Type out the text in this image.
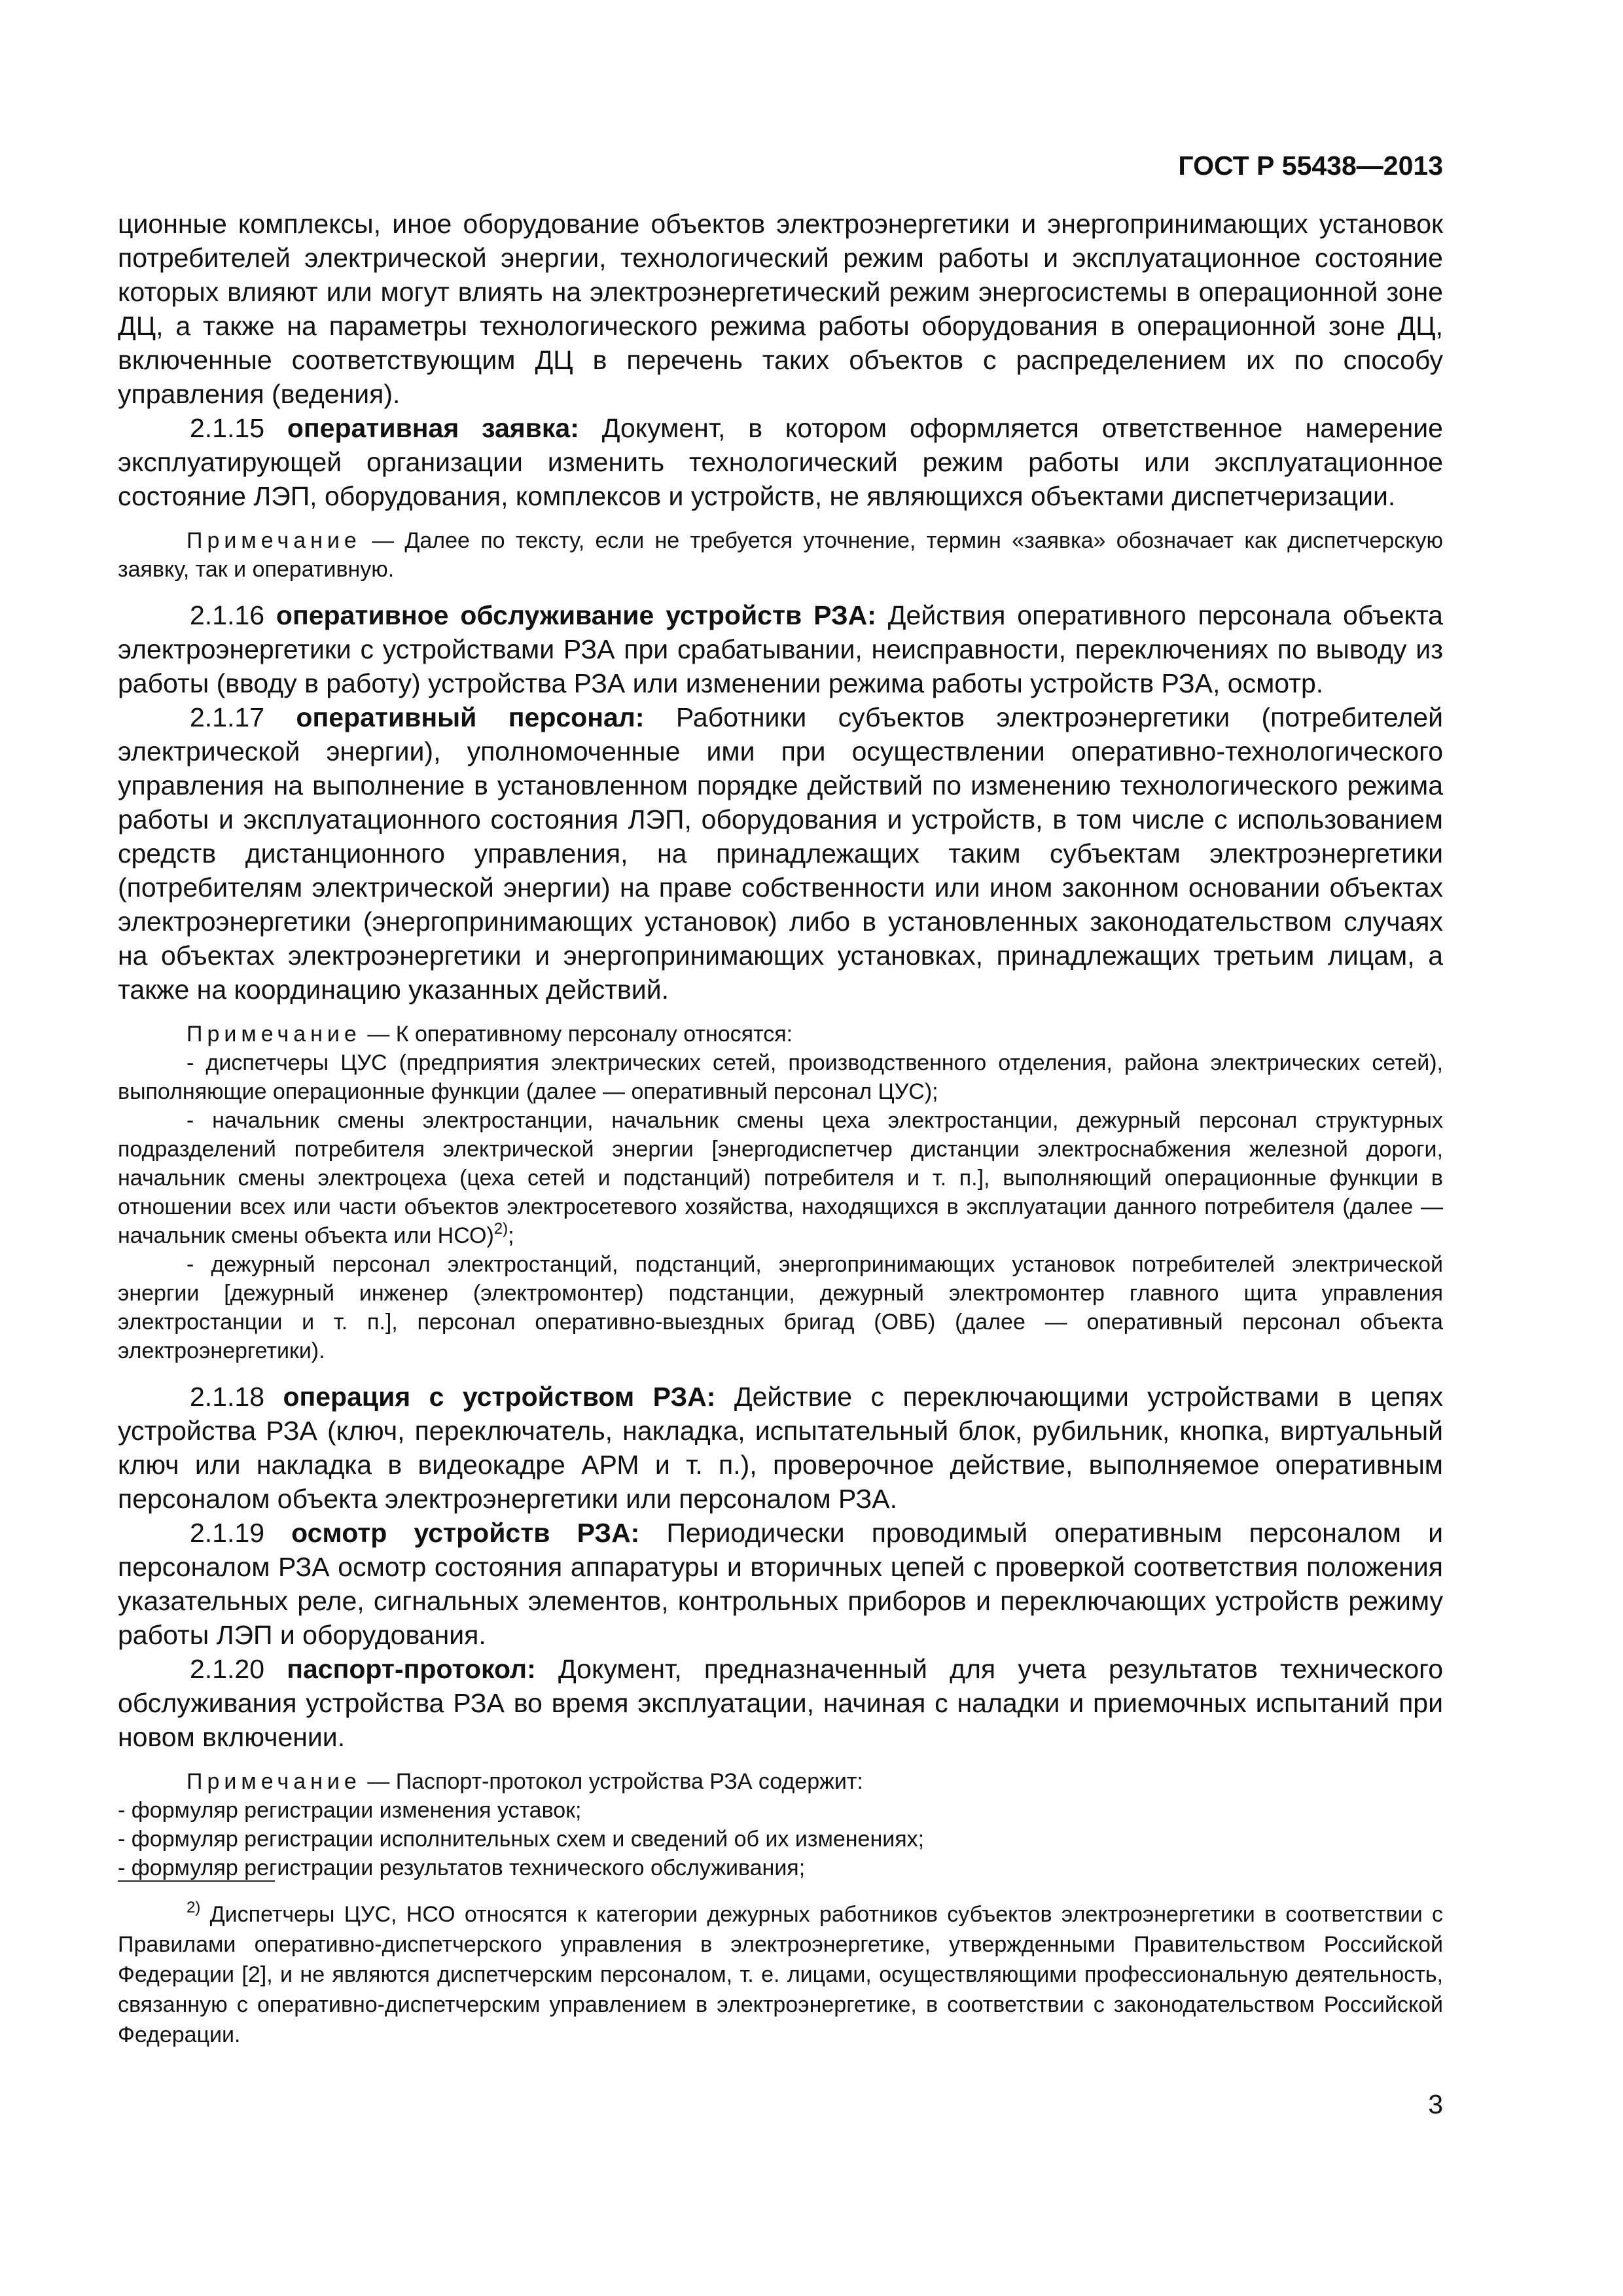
ГОСТ Р 55438—2013

ционные комплексы, иное оборудование объектов электроэнергетики и энергопринимающих установок потребителей электрической энергии, технологический режим работы и эксплуатационное состояние которых влияют или могут влиять на электроэнергетический режим энергосистемы в операционной зоне ДЦ, а также на параметры технологического режима работы оборудования в операционной зоне ДЦ, включенные соответствующим ДЦ в перечень таких объектов с распределением их по способу управления (ведения).

2.1.15 оперативная заявка: Документ, в котором оформляется ответственное намерение эксплуатирующей организации изменить технологический режим работы или эксплуатационное состояние ЛЭП, оборудования, комплексов и устройств, не являющихся объектами диспетчеризации.

Примечание — Далее по тексту, если не требуется уточнение, термин «заявка» обозначает как диспетчерскую заявку, так и оперативную.

2.1.16 оперативное обслуживание устройств РЗА: Действия оперативного персонала объекта электроэнергетики с устройствами РЗА при срабатывании, неисправности, переключениях по выводу из работы (вводу в работу) устройства РЗА или изменении режима работы устройств РЗА, осмотр.

2.1.17 оперативный персонал: Работники субъектов электроэнергетики (потребителей электрической энергии), уполномоченные ими при осуществлении оперативно-технологического управления на выполнение в установленном порядке действий по изменению технологического режима работы и эксплуатационного состояния ЛЭП, оборудования и устройств, в том числе с использованием средств дистанционного управления, на принадлежащих таким субъектам электроэнергетики (потребителям электрической энергии) на праве собственности или ином законном основании объектах электроэнергетики (энергопринимающих установок) либо в установленных законодательством случаях на объектах электроэнергетики и энергопринимающих установках, принадлежащих третьим лицам, а также на координацию указанных действий.

Примечание — К оперативному персоналу относятся:

- диспетчеры ЦУС (предприятия электрических сетей, производственного отделения, района электрических сетей), выполняющие операционные функции (далее — оперативный персонал ЦУС);

- начальник смены электростанции, начальник смены цеха электростанции, дежурный персонал структурных подразделений потребителя электрической энергии [энергодиспетчер дистанции электроснабжения железной дороги, начальник смены электроцеха (цеха сетей и подстанций) потребителя и т. п.], выполняющий операционные функции в отношении всех или части объектов электросетевого хозяйства, находящихся в эксплуатации данного потребителя (далее — начальник смены объекта или НСО)$^{2)}$;

- дежурный персонал электростанций, подстанций, энергопринимающих установок потребителей электрической энергии [дежурный инженер (электромонтер) подстанции, дежурный электромонтер главного щита управления электростанции и т. п.], персонал оперативно-выездных бригад (ОВБ) (далее — оперативный персонал объекта электроэнергетики).

2.1.18 операция с устройством РЗА: Действие с переключающими устройствами в цепях устройства РЗА (ключ, переключатель, накладка, испытательный блок, рубильник, кнопка, виртуальный ключ или накладка в видеокадре АРМ и т. п.), проверочное действие, выполняемое оперативным персоналом объекта электроэнергетики или персоналом РЗА.

2.1.19 осмотр устройств РЗА: Периодически проводимый оперативным персоналом и персоналом РЗА осмотр состояния аппаратуры и вторичных цепей с проверкой соответствия положения указательных реле, сигнальных элементов, контрольных приборов и переключающих устройств режиму работы ЛЭП и оборудования.

2.1.20 паспорт-протокол: Документ, предназначенный для учета результатов технического обслуживания устройства РЗА во время эксплуатации, начиная с наладки и приемочных испытаний при новом включении.

Примечание — Паспорт-протокол устройства РЗА содержит:

- формуляр регистрации изменения уставок;

- формуляр регистрации исполнительных схем и сведений об их изменениях;

- формуляр регистрации результатов технического обслуживания;

$^{2)}$ Диспетчеры ЦУС, НСО относятся к категории дежурных работников субъектов электроэнергетики в соответствии с Правилами оперативно-диспетчерского управления в электроэнергетике, утвержденными Правительством Российской Федерации [2], и не являются диспетчерским персоналом, т. е. лицами, осуществляющими профессиональную деятельность, связанную с оперативно-диспетчерским управлением в электроэнергетике, в соответствии с законодательством Российской Федерации.

3
